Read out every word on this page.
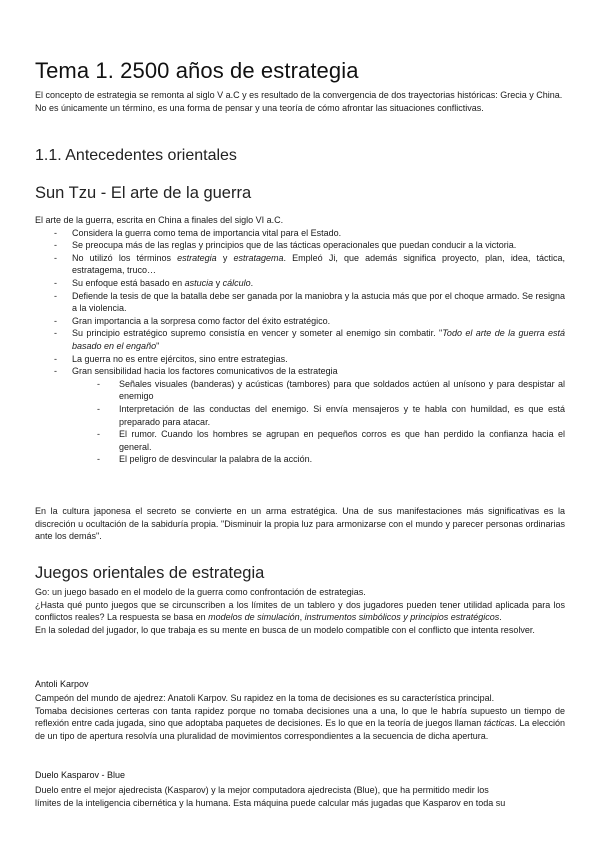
Tema 1. 2500 años de estrategia

El concepto de estrategia se remonta al siglo V a.C y es resultado de la convergencia de dos trayectorias históricas: Grecia y China.

No es únicamente un término, es una forma de pensar y una teoría de cómo afrontar las situaciones conflictivas.

1.1. Antecedentes orientales
Sun Tzu - El arte de la guerra

El arte de la guerra, escrita en China a finales del siglo VI a.C.

- Considera la guerra como tema de importancia vital para el Estado.
- Se preocupa más de las reglas y principios que de las tácticas operacionales que puedan conducir a la victoria.
- No utilizó los términos estrategia y estratagema. Empleó Ji, que además significa proyecto, plan, idea, táctica, estratagema, truco…
- Su enfoque está basado en astucia y cálculo.
- Defiende la tesis de que la batalla debe ser ganada por la maniobra y la astucia más que por el choque armado. Se resigna a la violencia.
- Gran importancia a la sorpresa como factor del éxito estratégico.
- Su principio estratégico supremo consistía en vencer y someter al enemigo sin combatir. "Todo el arte de la guerra está basado en el engaño"
- La guerra no es entre ejércitos, sino entre estrategias.
- Gran sensibilidad hacia los factores comunicativos de la estrategia
- Señales visuales (banderas) y acústicas (tambores) para que soldados actúen al unísono y para despistar al enemigo
- Interpretación de las conductas del enemigo. Si envía mensajeros y te habla con humildad, es que está preparado para atacar.
- El rumor. Cuando los hombres se agrupan en pequeños corros es que han perdido la confianza hacia el general.
- El peligro de desvincular la palabra de la acción.

En la cultura japonesa el secreto se convierte en un arma estratégica. Una de sus manifestaciones más significativas es la discreción u ocultación de la sabiduría propia. "Disminuir la propia luz para armonizarse con el mundo y parecer personas ordinarias ante los demás".

Juegos orientales de estrategia

Go: un juego basado en el modelo de la guerra como confrontación de estrategias.

¿Hasta qué punto juegos que se circunscriben a los límites de un tablero y dos jugadores pueden tener utilidad aplicada para los conflictos reales? La respuesta se basa en modelos de simulación, instrumentos simbólicos y principios estratégicos.

En la soledad del jugador, lo que trabaja es su mente en busca de un modelo compatible con el conflicto que intenta resolver.

Antoli Karpov

Campeón del mundo de ajedrez: Anatoli Karpov. Su rapidez en la toma de decisiones es su característica principal.

Tomaba decisiones certeras con tanta rapidez porque no tomaba decisiones una a una, lo que le habría supuesto un tiempo de reflexión entre cada jugada, sino que adoptaba paquetes de decisiones. Es lo que en la teoría de juegos llaman tácticas. La elección de un tipo de apertura resolvía una pluralidad de movimientos correspondientes a la secuencia de dicha apertura.

Duelo Kasparov - Blue
Duelo entre el mejor ajedrecista (Kasparov) y la mejor computadora ajedrecista (Blue), que ha permitido medir los
límites de la inteligencia cibernética y la humana. Esta máquina puede calcular más jugadas que Kasparov en toda su
